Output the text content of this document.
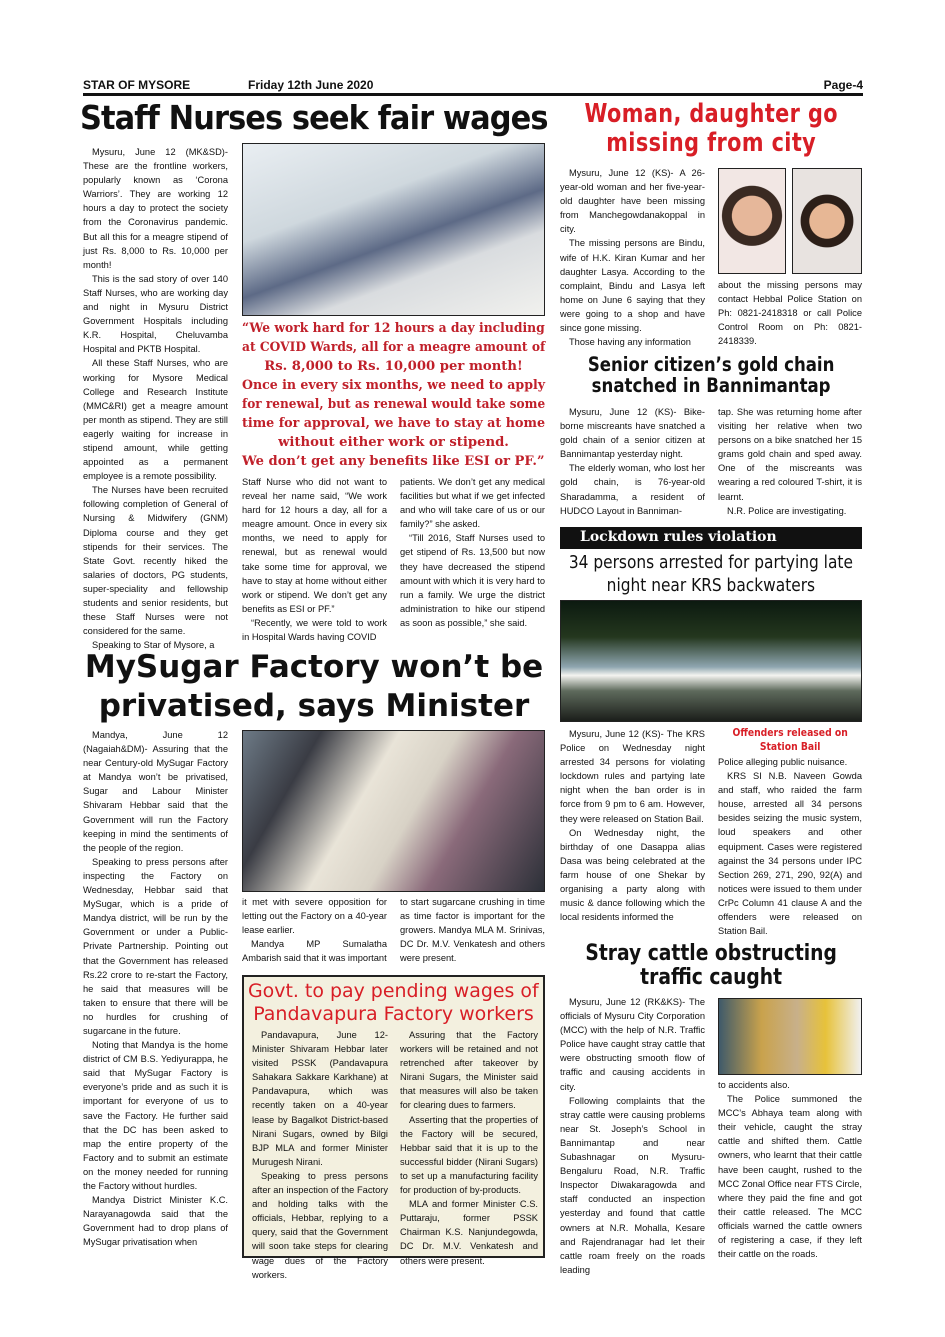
STAR OF MYSORE	Friday 12th June 2020	Page-4
Staff Nurses seek fair wages

Mysuru, June 12 (MK&SD)- These are the frontline workers, popularly known as ‘Corona Warriors’. They are working 12 hours a day to protect the society from the Coronavirus pandemic. But all this for a meagre stipend of just Rs. 8,000 to Rs. 10,000 per month!

This is the sad story of over 140 Staff Nurses, who are working day and night in Mysuru District Government Hospitals including K.R. Hospital, Cheluvamba Hospital and PKTB Hospital.

All these Staff Nurses, who are working for Mysore Medical College and Research Institute (MMC&RI) get a meagre amount per month as stipend. They are still eagerly waiting for increase in stipend amount, while getting appointed as a permanent employee is a remote possibility.

The Nurses have been recruited following completion of General of Nursing & Midwifery (GNM) Diploma course and they get stipends for their services. The State Govt. recently hiked the salaries of doctors, PG students, super-speciality and fellowship students and senior residents, but these Staff Nurses were not considered for the same.

Speaking to Star of Mysore, a

“We work hard for 12 hours a day including
at COVID Wards, all for a meagre amount of
Rs. 8,000 to Rs. 10,000 per month!
Once in every six months, we need to apply
for renewal, but as renewal would take some
time for approval, we have to stay at home
without either work or stipend.
We don’t get any benefits like ESI or PF.”

Staff Nurse who did not want to reveal her name said, “We work hard for 12 hours a day, all for a meagre amount. Once in every six months, we need to apply for renewal, but as renewal would take some time for approval, we have to stay at home without either work or stipend. We don’t get any benefits as ESI or PF.”

“Recently, we were told to work in Hospital Wards having COVID

patients. We don’t get any medical facilities but what if we get infected and who will take care of us or our family?” she asked.

“Till 2016, Staff Nurses used to get stipend of Rs. 13,500 but now they have decreased the stipend amount with which it is very hard to run a family. We urge the district administration to hike our stipend as soon as possible,” she said.

Woman, daughter go missing from city

Mysuru, June 12 (KS)- A 26-year-old woman and her five-year-old daughter have been missing from Manchegowdanakoppal in city.

The missing persons are Bindu, wife of H.K. Kiran Kumar and her daughter Lasya. According to the complaint, Bindu and Lasya left home on June 6 saying that they were going to a shop and have since gone missing.

Those having any information

about the missing persons may contact Hebbal Police Station on Ph: 0821-2418318 or call Police Control Room on Ph: 0821-2418339.

Senior citizen’s gold chain snatched in Bannimantap

Mysuru, June 12 (KS)- Bike-borne miscreants have snatched a gold chain of a senior citizen at Bannimantap yesterday night.

The elderly woman, who lost her gold chain, is 76-year-old Sharadamma, a resident of HUDCO Layout in Banniman-

tap. She was returning home after visiting her relative when two persons on a bike snatched her 15 grams gold chain and sped away. One of the miscreants was wearing a red coloured T-shirt, it is learnt.

N.R. Police are investigating.

Lockdown rules violation
34 persons arrested for partying late night near KRS backwaters

Mysuru, June 12 (KS)- The KRS Police on Wednesday night arrested 34 persons for violating lockdown rules and partying late night when the ban order is in force from 9 pm to 6 am. However, they were released on Station Bail.

On Wednesday night, the birthday of one Dasappa alias Dasa was being celebrated at the farm house of one Shekar by organising a party along with music & dance following which the local residents informed the

Offenders released on Station Bail

Police alleging public nuisance.

KRS SI N.B. Naveen Gowda and staff, who raided the farm house, arrested all 34 persons besides seizing the music system, loud speakers and other equipment. Cases were registered against the 34 persons under IPC Section 269, 271, 290, 92(A) and notices were issued to them under CrPc Column 41 clause A and the offenders were released on Station Bail.

Stray cattle obstructing traffic caught

Mysuru, June 12 (RK&KS)- The officials of Mysuru City Corporation (MCC) with the help of N.R. Traffic Police have caught stray cattle that were obstructing smooth flow of traffic and causing accidents in city.

Following complaints that the stray cattle were causing problems near St. Joseph’s School in Bannimantap and near Subashnagar on Mysuru-Bengaluru Road, N.R. Traffic Inspector Diwakaragowda and staff conducted an inspection yesterday and found that cattle owners at N.R. Mohalla, Kesare and Rajendranagar had let their cattle roam freely on the roads leading

to accidents also.

The Police summoned the MCC’s Abhaya team along with their vehicle, caught the stray cattle and shifted them. Cattle owners, who learnt that their cattle have been caught, rushed to the MCC Zonal Office near FTS Circle, where they paid the fine and got their cattle released. The MCC officials warned the cattle owners of registering a case, if they left their cattle on the roads.

MySugar Factory won’t be
privatised, says Minister

Mandya, June 12 (Nagaiah&DM)- Assuring that the near Century-old MySugar Factory at Mandya won’t be privatised, Sugar and Labour Minister Shivaram Hebbar said that the Government will run the Factory keeping in mind the sentiments of the people of the region.

Speaking to press persons after inspecting the Factory on Wednesday, Hebbar said that MySugar, which is a pride of Mandya district, will be run by the Government or under a Public-Private Partnership. Pointing out that the Government has released Rs.22 crore to re-start the Factory, he said that measures will be taken to ensure that there will be no hurdles for crushing of sugarcane in the future.

Noting that Mandya is the home district of CM B.S. Yediyurappa, he said that MySugar Factory is everyone’s pride and as such it is important for everyone of us to save the Factory. He further said that the DC has been asked to map the entire property of the Factory and to submit an estimate on the money needed for running the Factory without hurdles.

Mandya District Minister K.C. Narayanagowda said that the Government had to drop plans of MySugar privatisation when

it met with severe opposition for letting out the Factory on a 40-year lease earlier.

Mandya MP Sumalatha Ambarish said that it was important

to start sugarcane crushing in time as time factor is important for the growers. Mandya MLA M. Srinivas, DC Dr. M.V. Venkatesh and others were present.

Govt. to pay pending wages of
Pandavapura Factory workers

Pandavapura, June 12- Minister Shivaram Hebbar later visited PSSK (Pandavapura Sahakara Sakkare Karkhane) at Pandavapura, which was recently taken on a 40-year lease by Bagalkot District-based Nirani Sugars, owned by Bilgi BJP MLA and former Minister Murugesh Nirani.

Speaking to press persons after an inspection of the Factory and holding talks with the officials, Hebbar, replying to a query, said that the Government will soon take steps for clearing wage dues of the Factory workers.

Assuring that the Factory workers will be retained and not retrenched after takeover by Nirani Sugars, the Minister said that measures will also be taken for clearing dues to farmers.

Asserting that the properties of the Factory will be secured, Hebbar said that it is up to the successful bidder (Nirani Sugars) to set up a manufacturing facility for production of by-products.

MLA and former Minister C.S. Puttaraju, former PSSK Chairman K.S. Nanjundegowda, DC Dr. M.V. Venkatesh and others were present.
